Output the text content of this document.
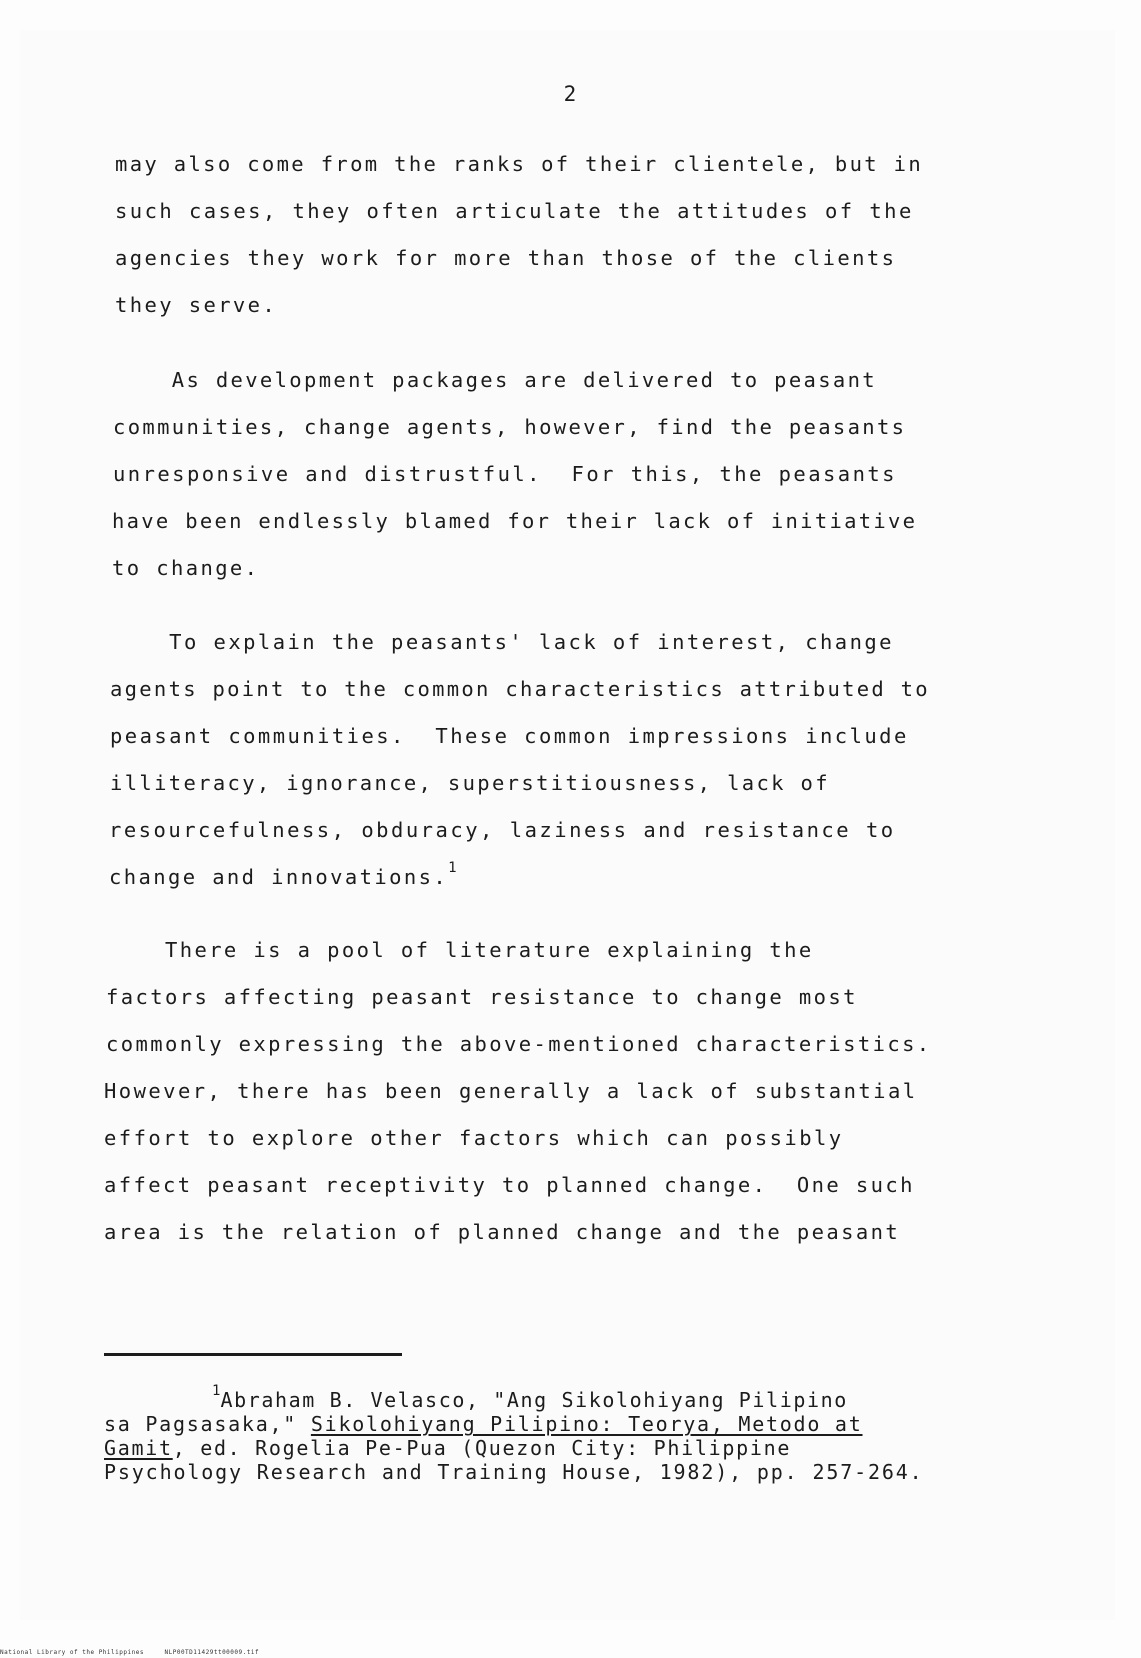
2
may also come from the ranks of their clientele, but in
such cases, they often articulate the attitudes of the
agencies they work for more than those of the clients
they serve.
As development packages are delivered to peasant
communities, change agents, however, find the peasants
unresponsive and distrustful.  For this, the peasants
have been endlessly blamed for their lack of initiative
to change.
To explain the peasants' lack of interest, change
agents point to the common characteristics attributed to
peasant communities.  These common impressions include
illiteracy, ignorance, superstitiousness, lack of
resourcefulness, obduracy, laziness and resistance to
change and innovations.$^1$
There is a pool of literature explaining the
factors affecting peasant resistance to change most
commonly expressing the above-mentioned characteristics.
However, there has been generally a lack of substantial
effort to explore other factors which can possibly
affect peasant receptivity to planned change.  One such
area is the relation of planned change and the peasant
$^1$Abraham B. Velasco, "Ang Sikolohiyang Pilipino
sa Pagsasaka," Sikolohiyang Pilipino: Teorya, Metodo at
Gamit, ed. Rogelia Pe-Pua (Quezon City: Philippine
Psychology Research and Training House, 1982), pp. 257-264.
National Library of the Philippines     NLP00TD11429tt00009.tif
